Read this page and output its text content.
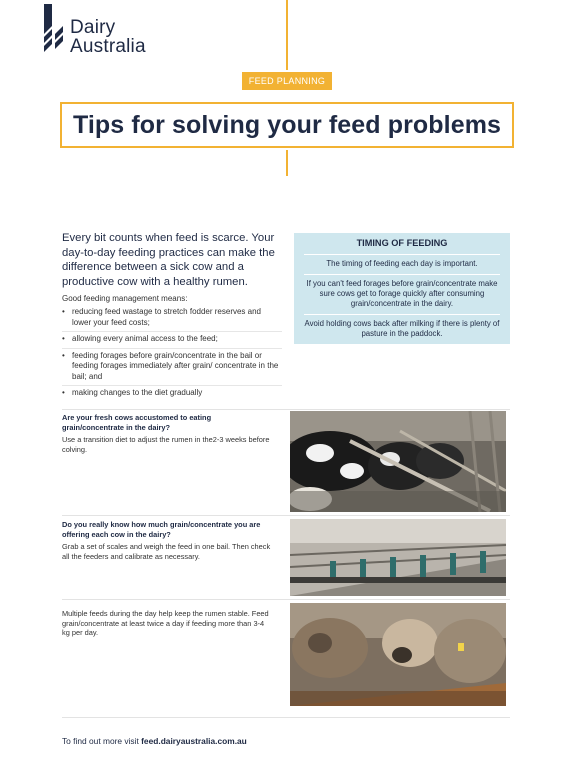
Dairy
Australia
FEED PLANNING
Tips for solving your feed problems

Every bit counts when feed is scarce. Your day-to-day feeding practices can make the difference between a sick cow and a productive cow with a healthy rumen.

Good feeding management means:

• reducing feed wastage to stretch fodder reserves and lower your feed costs;
• allowing every animal access to the feed;
• feeding forages before grain/concentrate in the bail or feeding forages immediately after grain/ concentrate in the bail; and
• making changes to the diet gradually
TIMING OF FEEDING

The timing of feeding each day is important.

If you can't feed forages before grain/concentrate make sure cows get to forage quickly after consuming grain/concentrate in the dairy.

Avoid holding cows back after milking if there is plenty of pasture in the paddock.

Are your fresh cows accustomed to eating grain/concentrate in the dairy?
Use a transition diet to adjust the rumen in the2-3 weeks before colving.
Do you really know how much grain/concentrate you are offering each cow in the dairy?
Grab a set of scales and weigh the feed in one bail. Then check all the feeders and calibrate as necessary.
Multiple feeds during the day help keep the rumen stable. Feed grain/concentrate at least twice a day if feeding more than 3-4 kg per day.
To find out more visit feed.dairyaustralia.com.au
